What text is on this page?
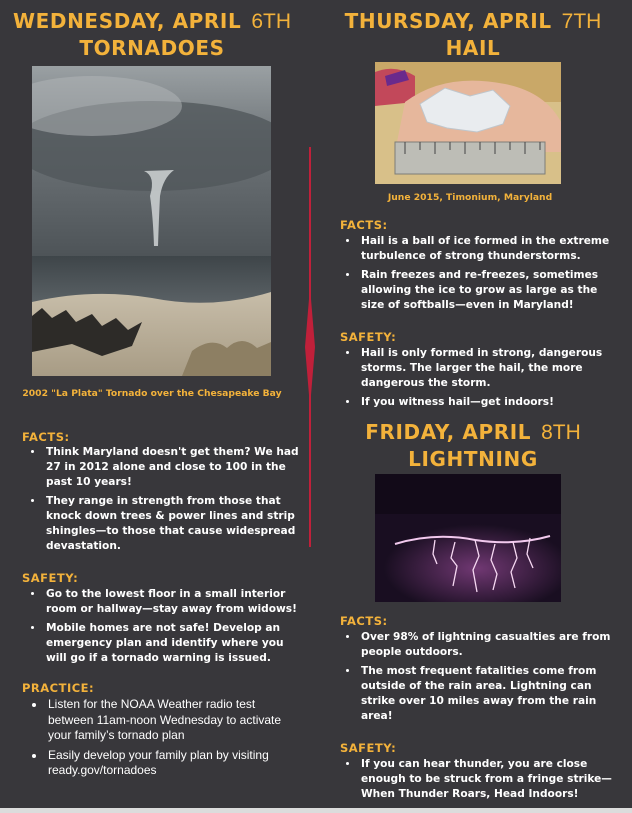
WEDNESDAY, APRIL 6TH
TORNADOES
2002 "La Plata" Tornado over the Chesapeake Bay
FACTS:
• Think Maryland doesn't get them? We had 27 in 2012 alone and close to 100 in the past 10 years!
• They range in strength from those that knock down trees & power lines and strip shingles—to those that cause widespread devastation.
SAFETY:
• Go to the lowest floor in a small interior room or hallway—stay away from widows!
• Mobile homes are not safe! Develop an emergency plan and identify where you will go if a tornado warning is issued.
PRACTICE:
• Listen for the NOAA Weather radio test between 11am-noon Wednesday to activate your family’s tornado plan
• Easily develop your family plan by visiting ready.gov/tornadoes
THURSDAY, APRIL 7TH
HAIL
June 2015, Timonium, Maryland
FACTS:
• Hail is a ball of ice formed in the extreme turbulence of strong thunderstorms.
• Rain freezes and re-freezes, sometimes allowing the ice to grow as large as the size of softballs—even in Maryland!
SAFETY:
• Hail is only formed in strong, dangerous storms. The larger the hail, the more dangerous the storm.
• If you witness hail—get indoors!
FRIDAY, APRIL 8TH
LIGHTNING
FACTS:
• Over 98% of lightning casualties are from people outdoors.
• The most frequent fatalities come from outside of the rain area. Lightning can strike over 10 miles away from the rain area!
SAFETY:
• If you can hear thunder, you are close enough to be struck from a fringe strike—When Thunder Roars, Head Indoors!
